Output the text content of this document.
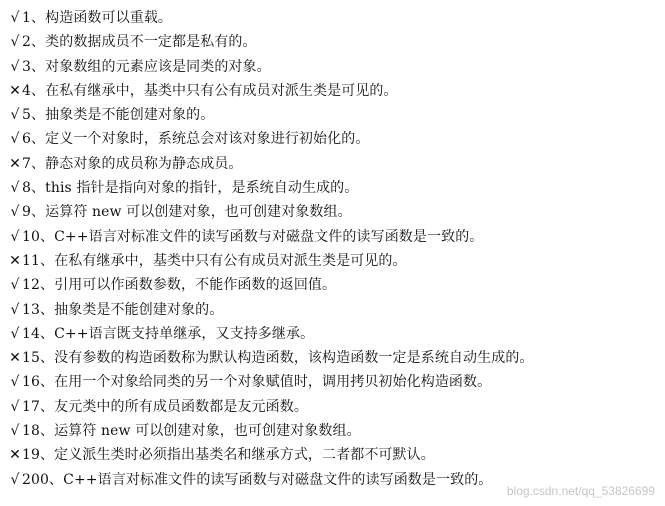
√ 1、构造函数可以重载。
√ 2、类的数据成员不一定都是私有的。
√ 3、对象数组的元素应该是同类的对象。
✕4、在私有继承中，基类中只有公有成员对派生类是可见的。
√ 5、抽象类是不能创建对象的。
√ 6、定义一个对象时，系统总会对该对象进行初始化的。
✕7、静态对象的成员称为静态成员。
√ 8、this 指针是指向对象的指针，是系统自动生成的。
√ 9、运算符 new 可以创建对象，也可创建对象数组。
√ 10、C++语言对标准文件的读写函数与对磁盘文件的读写函数是一致的。
✕11、在私有继承中，基类中只有公有成员对派生类是可见的。
√ 12、引用可以作函数参数，不能作函数的返回值。
√ 13、抽象类是不能创建对象的。
√ 14、C++语言既支持单继承，又支持多继承。
✕15、没有参数的构造函数称为默认构造函数，该构造函数一定是系统自动生成的。
√ 16、在用一个对象给同类的另一个对象赋值时，调用拷贝初始化构造函数。
√ 17、友元类中的所有成员函数都是友元函数。
√ 18、运算符 new 可以创建对象，也可创建对象数组。
✕19、定义派生类时必须指出基类名和继承方式，二者都不可默认。
√ 200、C++语言对标准文件的读写函数与对磁盘文件的读写函数是一致的。
blog.csdn.net/qq_53826699
